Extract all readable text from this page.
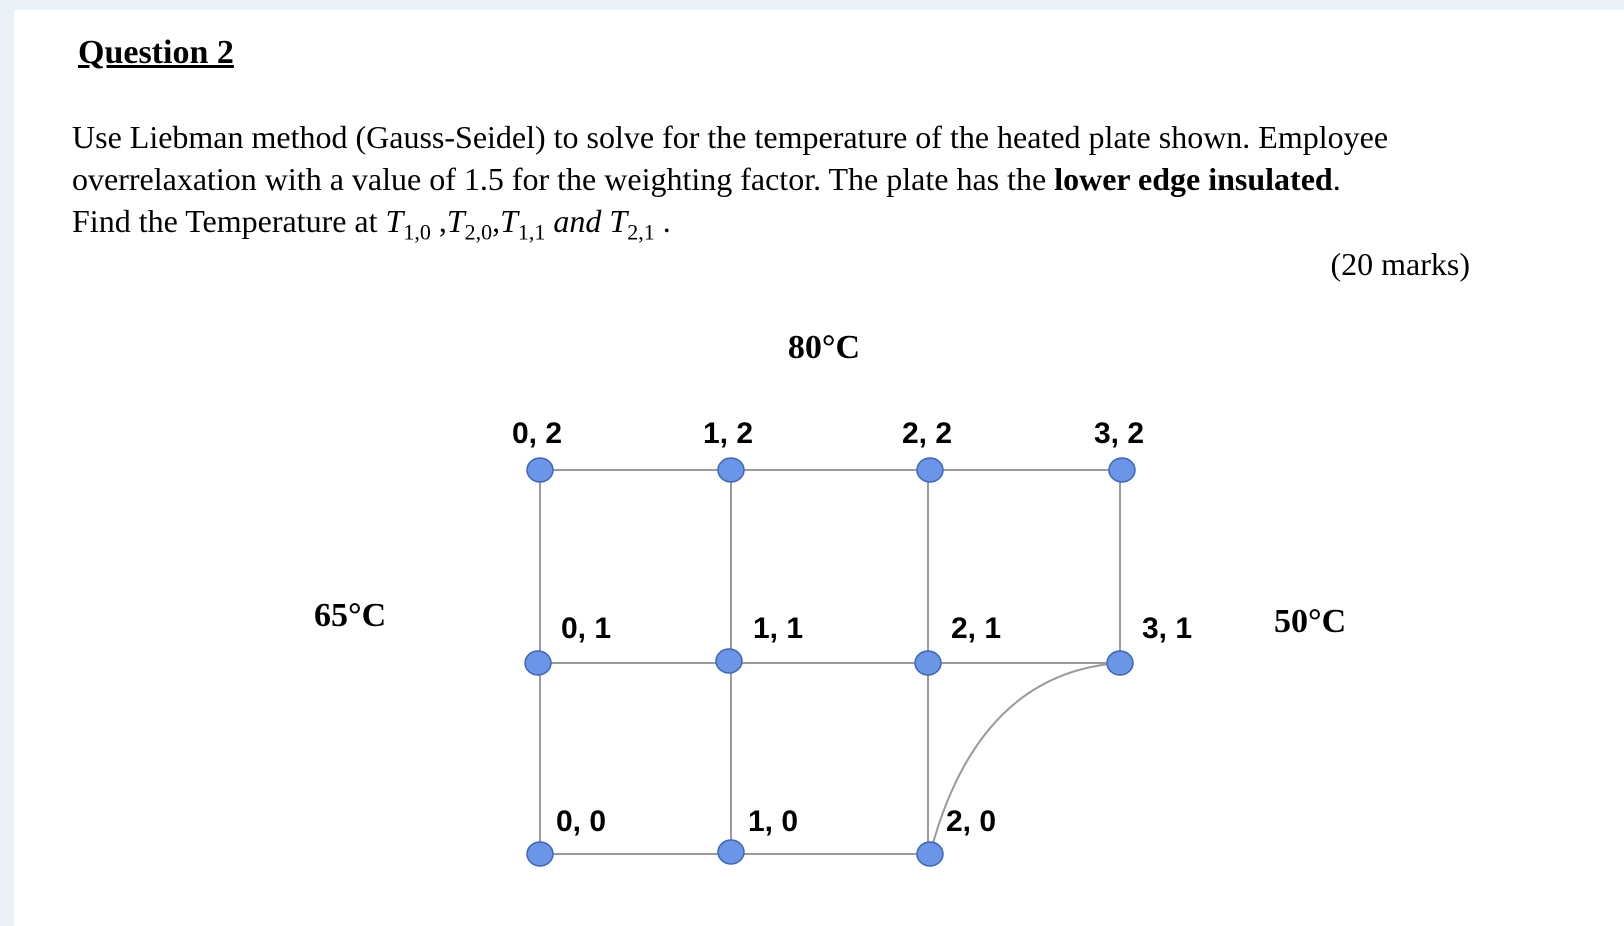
Question 2

Use Liebman method (Gauss-Seidel) to solve for the temperature of the heated plate shown. Employee
overrelaxation with a value of 1.5 for the weighting factor. The plate has the lower edge insulated.
Find the Temperature at $T_{1,0}$ $,T_{2,0},T_{1,1}$ and $T_{2,1}$ .

(20 marks)
80°C
65°C	50°C
0, 2	1, 2	2, 2	3, 2
0, 1	1, 1	2, 1	3, 1
0, 0	1, 0	2, 0
